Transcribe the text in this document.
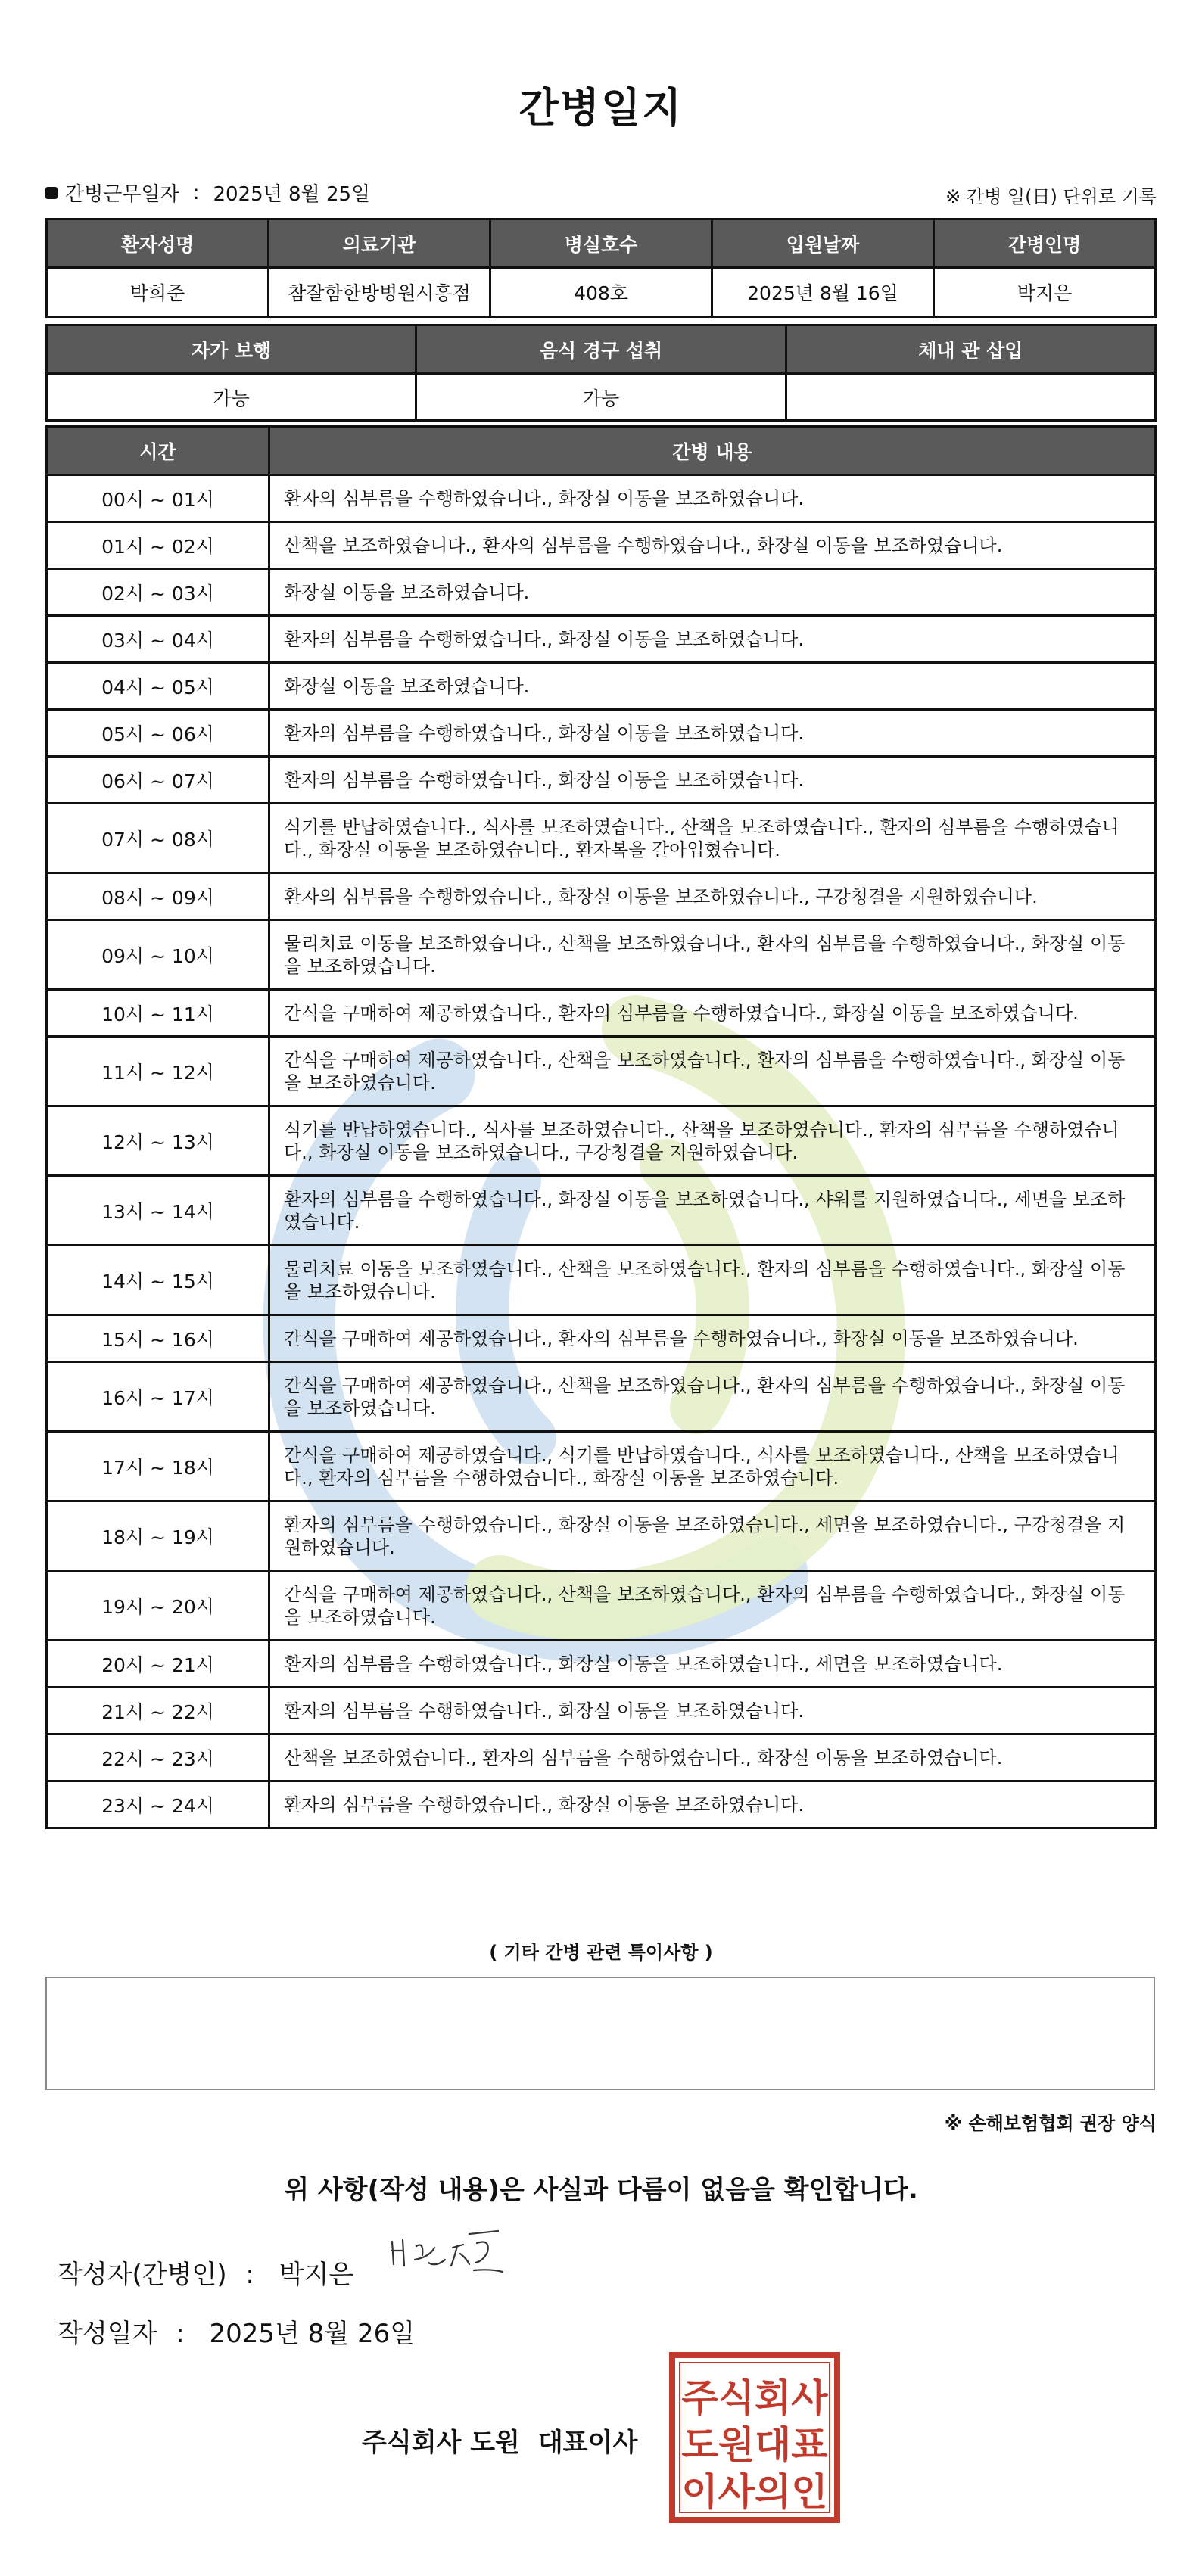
간병일지
간병근무일자 : 2025년 8월 25일	※ 간병 일(日) 단위로 기록
환자성명	의료기관	병실호수	입원날짜	간병인명
박희준	참잘함한방병원시흥점	408호	2025년 8월 16일	박지은
자가 보행	음식 경구 섭취	체내 관 삽입
가능	가능	
시간	간병 내용
00시 ~ 01시	환자의 심부름을 수행하였습니다., 화장실 이동을 보조하였습니다.
01시 ~ 02시	산책을 보조하였습니다., 환자의 심부름을 수행하였습니다., 화장실 이동을 보조하였습니다.
02시 ~ 03시	화장실 이동을 보조하였습니다.
03시 ~ 04시	환자의 심부름을 수행하였습니다., 화장실 이동을 보조하였습니다.
04시 ~ 05시	화장실 이동을 보조하였습니다.
05시 ~ 06시	환자의 심부름을 수행하였습니다., 화장실 이동을 보조하였습니다.
06시 ~ 07시	환자의 심부름을 수행하였습니다., 화장실 이동을 보조하였습니다.
07시 ~ 08시	식기를 반납하였습니다., 식사를 보조하였습니다., 산책을 보조하였습니다., 환자의 심부름을 수행하였습니다., 화장실 이동을 보조하였습니다., 환자복을 갈아입혔습니다.
08시 ~ 09시	환자의 심부름을 수행하였습니다., 화장실 이동을 보조하였습니다., 구강청결을 지원하였습니다.
09시 ~ 10시	물리치료 이동을 보조하였습니다., 산책을 보조하였습니다., 환자의 심부름을 수행하였습니다., 화장실 이동을 보조하였습니다.
10시 ~ 11시	간식을 구매하여 제공하였습니다., 환자의 심부름을 수행하였습니다., 화장실 이동을 보조하였습니다.
11시 ~ 12시	간식을 구매하여 제공하였습니다., 산책을 보조하였습니다., 환자의 심부름을 수행하였습니다., 화장실 이동을 보조하였습니다.
12시 ~ 13시	식기를 반납하였습니다., 식사를 보조하였습니다., 산책을 보조하였습니다., 환자의 심부름을 수행하였습니다., 화장실 이동을 보조하였습니다., 구강청결을 지원하였습니다.
13시 ~ 14시	환자의 심부름을 수행하였습니다., 화장실 이동을 보조하였습니다., 샤워를 지원하였습니다., 세면을 보조하였습니다.
14시 ~ 15시	물리치료 이동을 보조하였습니다., 산책을 보조하였습니다., 환자의 심부름을 수행하였습니다., 화장실 이동을 보조하였습니다.
15시 ~ 16시	간식을 구매하여 제공하였습니다., 환자의 심부름을 수행하였습니다., 화장실 이동을 보조하였습니다.
16시 ~ 17시	간식을 구매하여 제공하였습니다., 산책을 보조하였습니다., 환자의 심부름을 수행하였습니다., 화장실 이동을 보조하였습니다.
17시 ~ 18시	간식을 구매하여 제공하였습니다., 식기를 반납하였습니다., 식사를 보조하였습니다., 산책을 보조하였습니다., 환자의 심부름을 수행하였습니다., 화장실 이동을 보조하였습니다.
18시 ~ 19시	환자의 심부름을 수행하였습니다., 화장실 이동을 보조하였습니다., 세면을 보조하였습니다., 구강청결을 지원하였습니다.
19시 ~ 20시	간식을 구매하여 제공하였습니다., 산책을 보조하였습니다., 환자의 심부름을 수행하였습니다., 화장실 이동을 보조하였습니다.
20시 ~ 21시	환자의 심부름을 수행하였습니다., 화장실 이동을 보조하였습니다., 세면을 보조하였습니다.
21시 ~ 22시	환자의 심부름을 수행하였습니다., 화장실 이동을 보조하였습니다.
22시 ~ 23시	산책을 보조하였습니다., 환자의 심부름을 수행하였습니다., 화장실 이동을 보조하였습니다.
23시 ~ 24시	환자의 심부름을 수행하였습니다., 화장실 이동을 보조하였습니다.
( 기타 간병 관련 특이사항 )
※ 손해보험협회 권장 양식
위 사항(작성 내용)은 사실과 다름이 없음을 확인합니다.
작성자(간병인) : 박지은
작성일자 : 2025년 8월 26일
주식회사 도원 대표이사
주식회사
도원대표
이사의인
